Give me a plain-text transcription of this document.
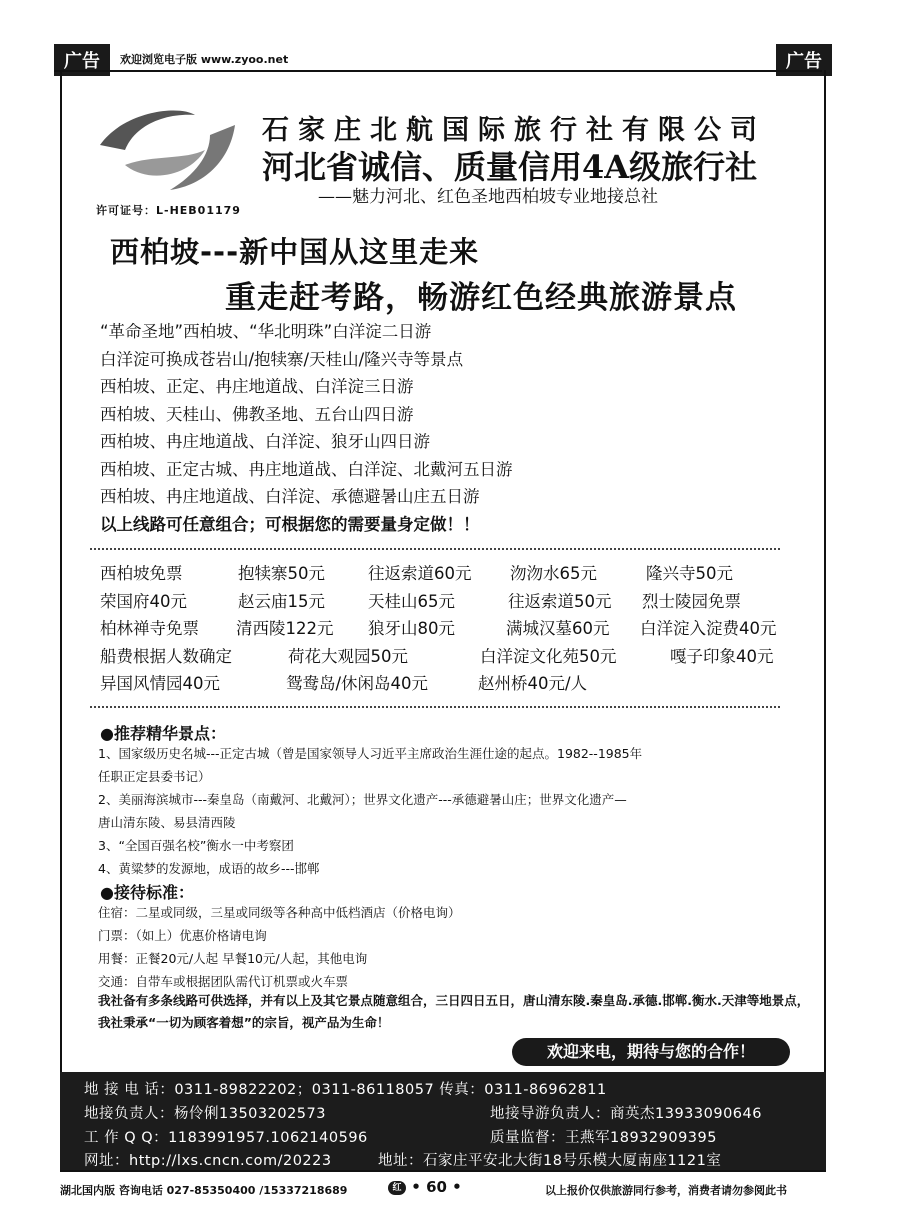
广告	广告
欢迎浏览电子版 www.zyoo.net
石家庄北航国际旅行社有限公司
河北省诚信、质量信用4A级旅行社
——魅力河北、红色圣地西柏坡专业地接总社
许可证号：L-HEB01179
西柏坡---新中国从这里走来
重走赶考路，畅游红色经典旅游景点
“革命圣地”西柏坡、“华北明珠”白洋淀二日游
白洋淀可换成苍岩山/抱犊寨/天桂山/隆兴寺等景点
西柏坡、正定、冉庄地道战、白洋淀三日游
西柏坡、天桂山、佛教圣地、五台山四日游
西柏坡、冉庄地道战、白洋淀、狼牙山四日游
西柏坡、正定古城、冉庄地道战、白洋淀、北戴河五日游
西柏坡、冉庄地道战、白洋淀、承德避暑山庄五日游
以上线路可任意组合；可根据您的需要量身定做！！
西柏坡免票	抱犊寨50元	往返索道60元 沕沕水65元	隆兴寺50元
荣国府40元	赵云庙15元	天桂山65元	往返索道50元 烈士陵园免票
柏林禅寺免票 清西陵122元 狼牙山80元	满城汉墓60元 白洋淀入淀费40元
船费根据人数确定	荷花大观园50元	白洋淀文化苑50元	嘎子印象40元
异国风情园40元	鸳鸯岛/休闲岛40元	赵州桥40元/人
●推荐精华景点：
1、国家级历史名城---正定古城（曾是国家领导人习近平主席政治生涯仕途的起点。1982--1985年
任职正定县委书记）
2、美丽海滨城市---秦皇岛（南戴河、北戴河）；世界文化遗产---承德避暑山庄；世界文化遗产—
唐山清东陵、易县清西陵
3、“全国百强名校”衡水一中考察团
4、黄粱梦的发源地，成语的故乡---邯郸
●接待标准：
住宿：二星或同级，三星或同级等各种高中低档酒店（价格电询）
门票：（如上）优惠价格请电询
用餐：正餐20元/人起 早餐10元/人起，其他电询
交通：自带车或根据团队需代订机票或火车票
我社备有多条线路可供选择，并有以上及其它景点随意组合，三日四日五日，唐山清东陵.秦皇岛.承德.邯郸.衡水.天津等地景点，我社秉承“一切为顾客着想”的宗旨，视产品为生命！
欢迎来电，期待与您的合作！
地 接 电 话：0311-89822202；0311-86118057 传真：0311-86962811
地接负责人：杨伶俐13503202573	地接导游负责人：商英杰13933090646
工 作 Q Q：1183991957.1062140596	质量监督：王燕军18932909395
网址：http://lxs.cncn.com/20223	地址：石家庄平安北大街18号乐模大厦南座1121室
湖北国内版 咨询电话 027-85350400 /15337218689	红 • 60 •	以上报价仅供旅游同行参考，消费者请勿参阅此书
